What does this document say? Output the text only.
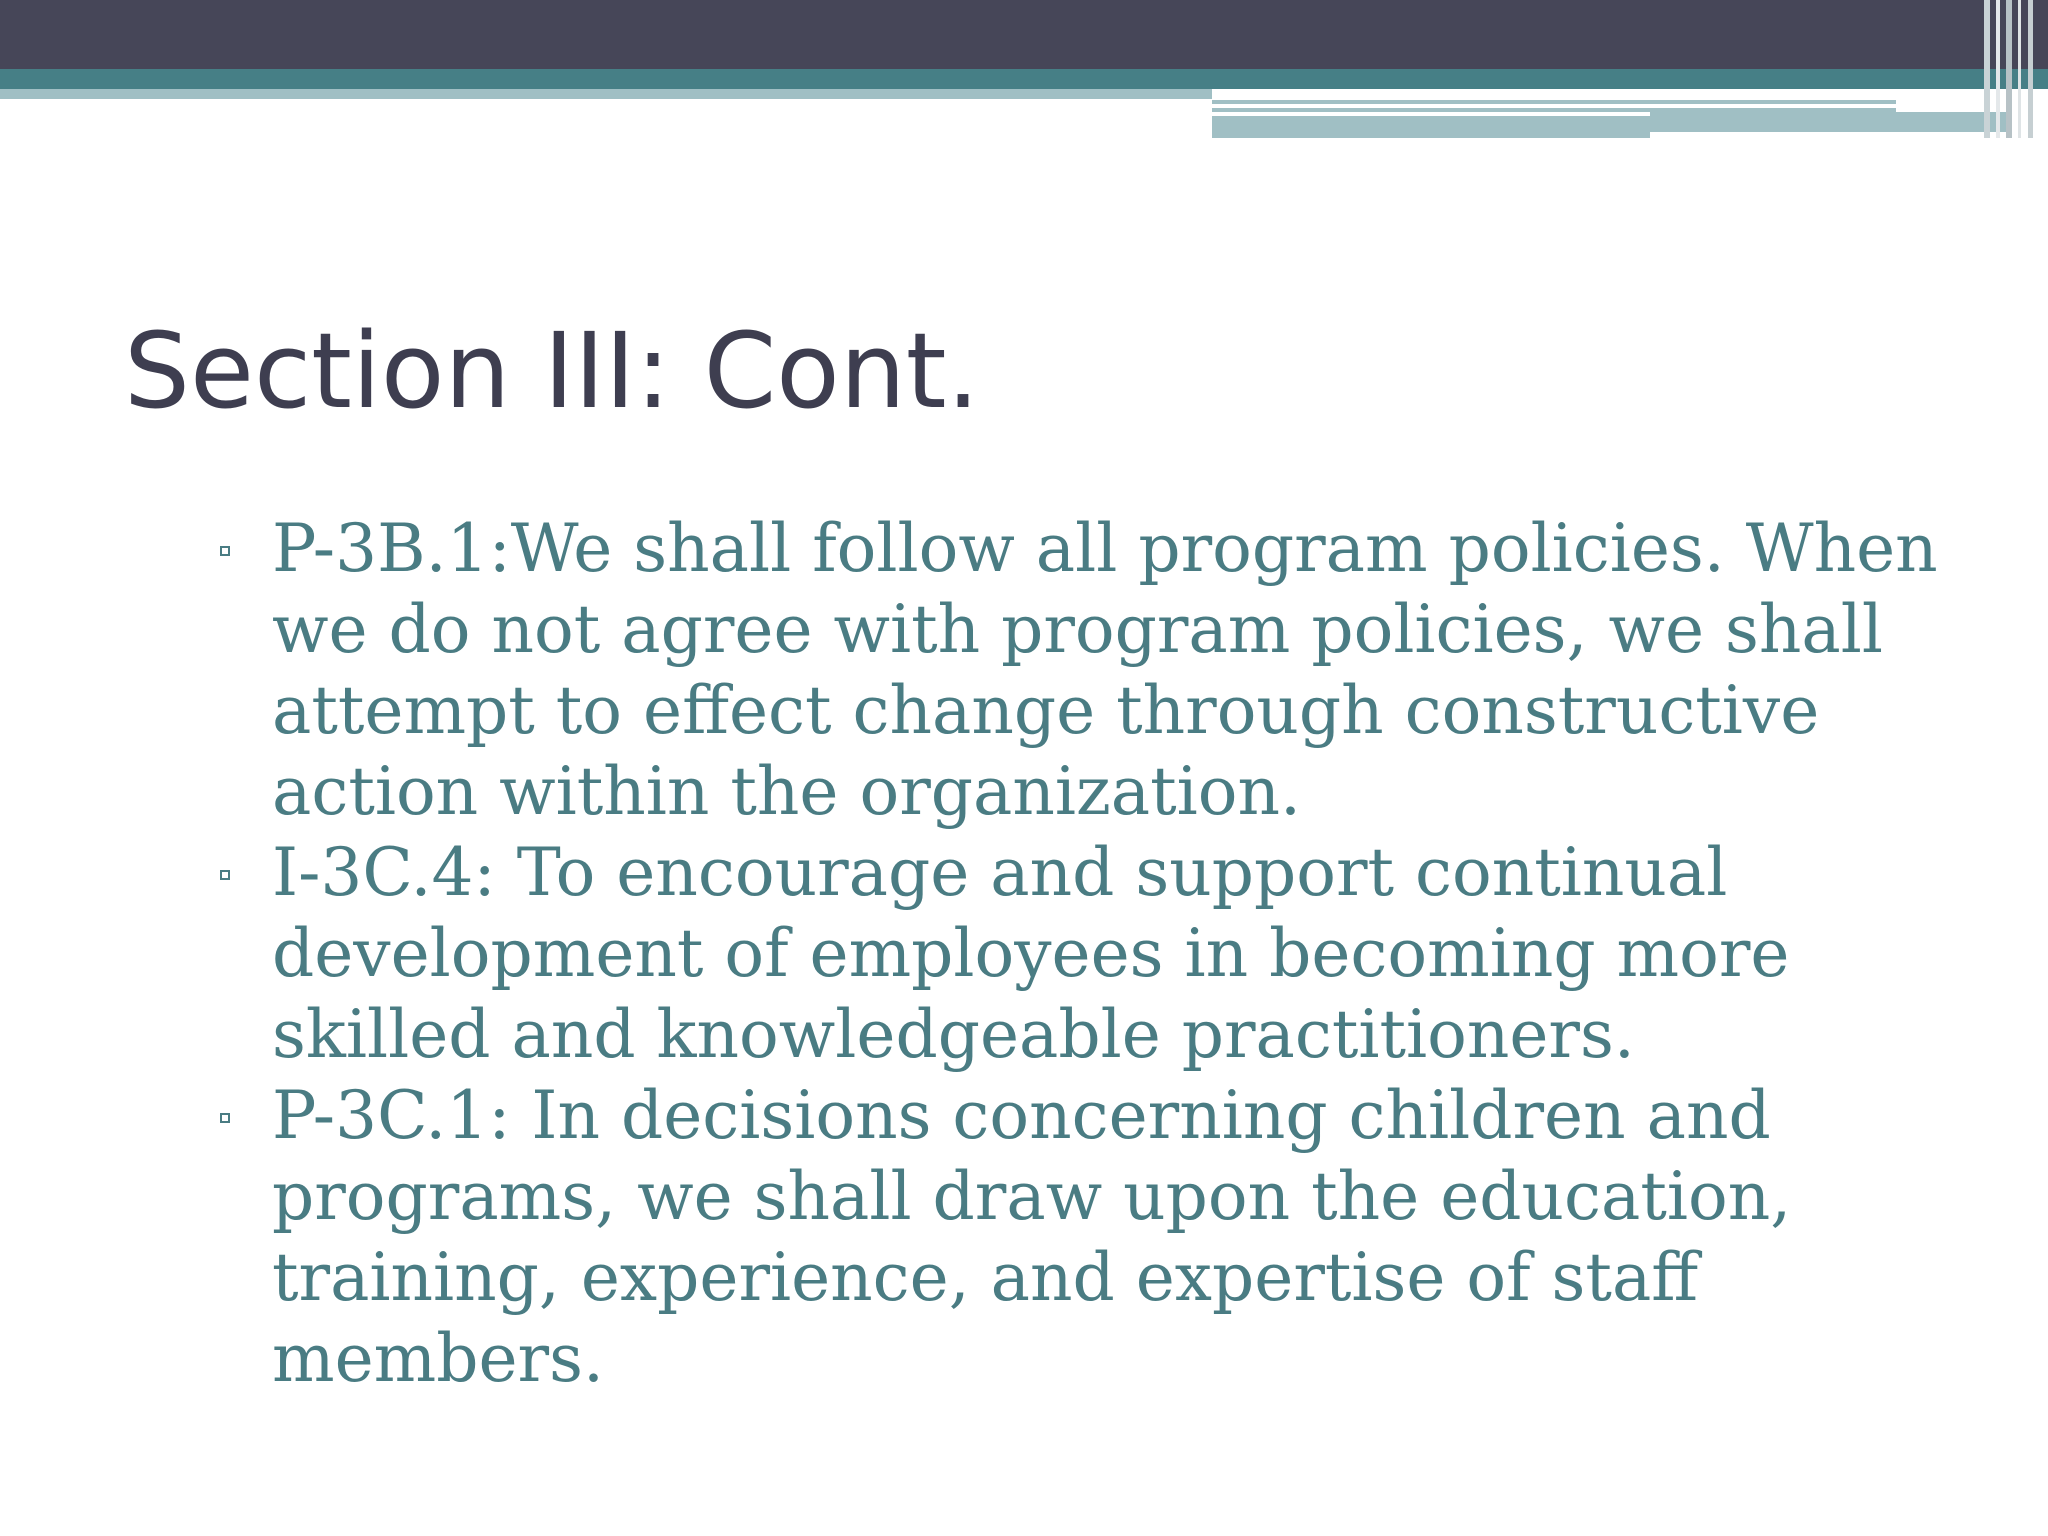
Section III: Cont.
P-3B.1:We shall follow all program policies. When
we do not agree with program policies, we shall
attempt to effect change through constructive
action within the organization.
I-3C.4: To encourage and support continual
development of employees in becoming more
skilled and knowledgeable practitioners.
P-3C.1: In decisions concerning children and
programs, we shall draw upon the education,
training, experience, and expertise of staff
members.
